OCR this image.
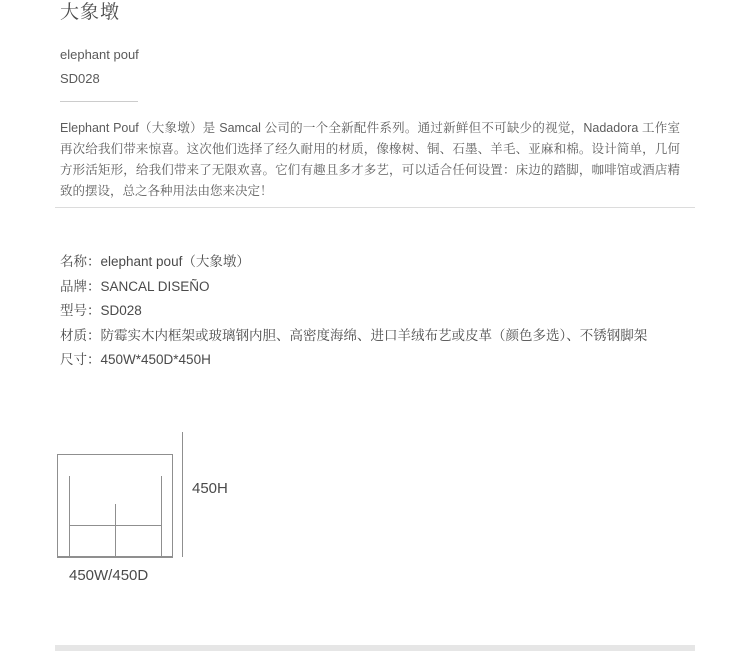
大象墩
elephant pouf
SD028

Elephant Pouf（大象墩）是 Samcal 公司的一个全新配件系列。通过新鲜但不可缺少的视觉，Nadadora 工作室再次给我们带来惊喜。这次他们选择了经久耐用的材质，像橡树、铜、石墨、羊毛、亚麻和棉。设计简单，几何方形活矩形，给我们带来了无限欢喜。它们有趣且多才多艺，可以适合任何设置：床边的踏脚，咖啡馆或酒店精致的摆设，总之各种用法由您来决定！

名称：elephant pouf（大象墩）
品牌：SANCAL DISEÑO
型号：SD028
材质：防霉实木内框架或玻璃钢内胆、高密度海绵、进口羊绒布艺或皮革（颜色多选）、不锈钢脚架
尺寸：450W*450D*450H
450H
450W/450D
